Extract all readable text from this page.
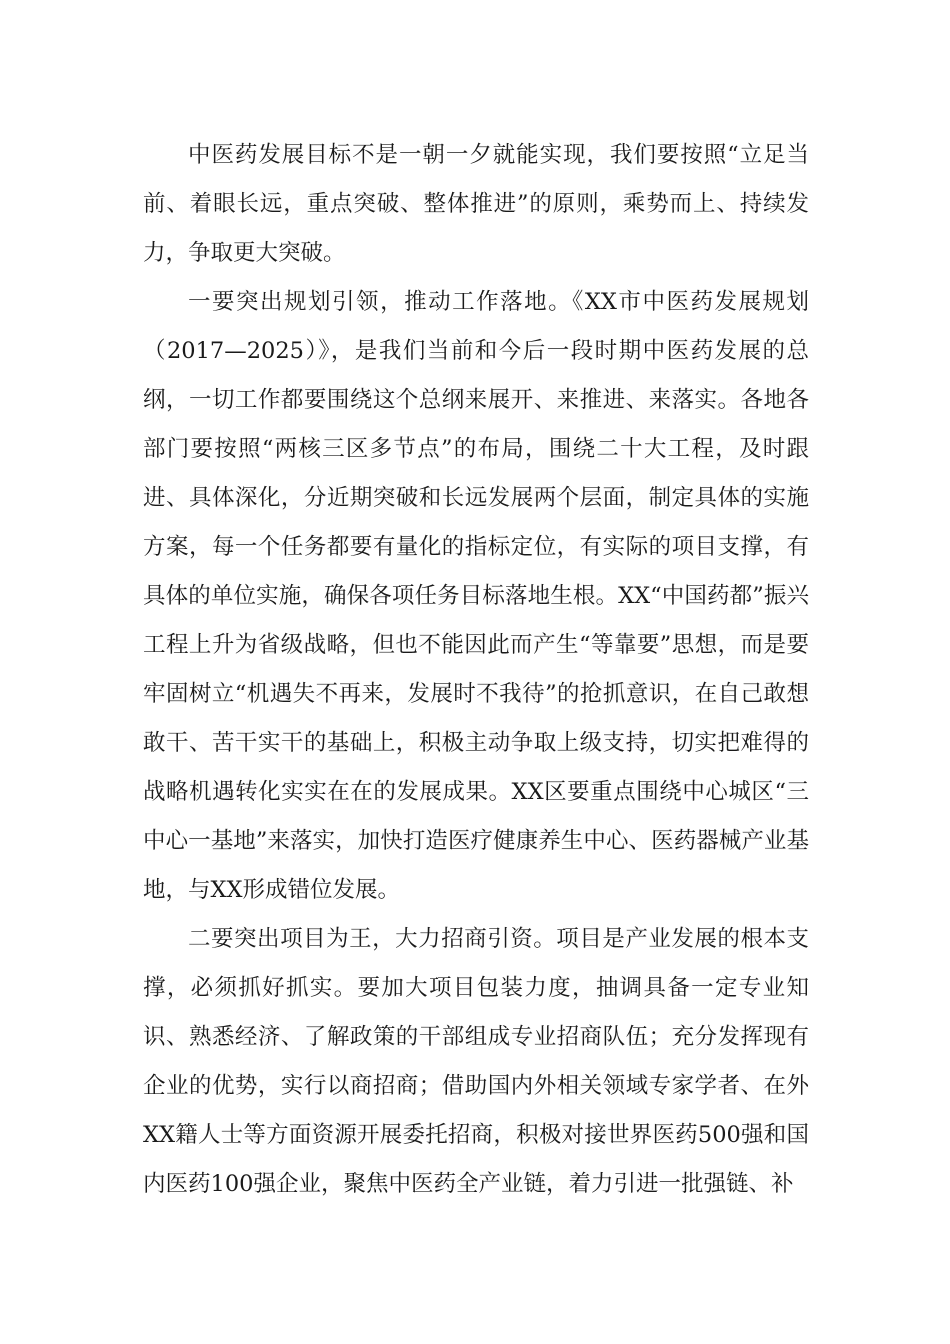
中医药发展目标不是一朝一夕就能实现，我们要按照“立足当前、着眼长远，重点突破、整体推进”的原则，乘势而上、持续发力，争取更大突破。

一要突出规划引领，推动工作落地。《XX市中医药发展规划（2017—2025）》，是我们当前和今后一段时期中医药发展的总纲，一切工作都要围绕这个总纲来展开、来推进、来落实。各地各部门要按照“两核三区多节点”的布局，围绕二十大工程，及时跟进、具体深化，分近期突破和长远发展两个层面，制定具体的实施方案，每一个任务都要有量化的指标定位，有实际的项目支撑，有具体的单位实施，确保各项任务目标落地生根。XX“中国药都”振兴工程上升为省级战略，但也不能因此而产生“等靠要”思想，而是要牢固树立“机遇失不再来，发展时不我待”的抢抓意识，在自己敢想敢干、苦干实干的基础上，积极主动争取上级支持，切实把难得的战略机遇转化实实在在的发展成果。XX区要重点围绕中心城区“三中心一基地”来落实，加快打造医疗健康养生中心、医药器械产业基地，与XX形成错位发展。

二要突出项目为王，大力招商引资。项目是产业发展的根本支撑，必须抓好抓实。要加大项目包装力度，抽调具备一定专业知识、熟悉经济、了解政策的干部组成专业招商队伍；充分发挥现有企业的优势，实行以商招商；借助国内外相关领域专家学者、在外XX籍人士等方面资源开展委托招商，积极对接世界医药500强和国内医药100强企业，聚焦中医药全产业链，着力引进一批强链、补
